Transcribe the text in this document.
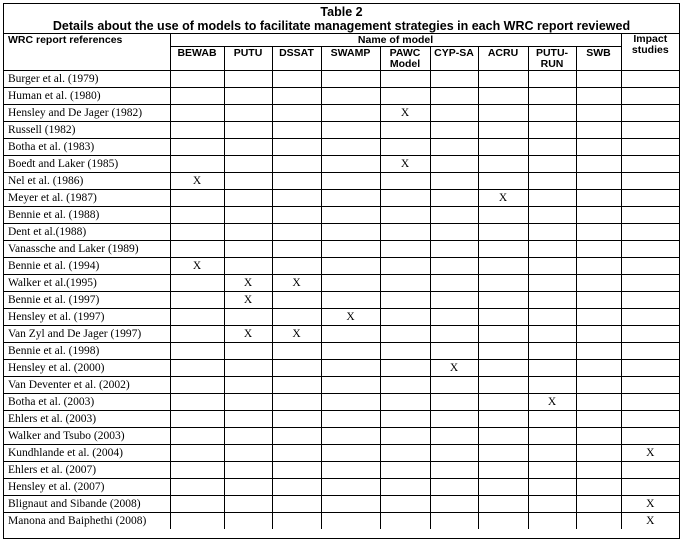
Table 2
Details about the use of models to facilitate management strategies in each WRC report reviewed
WRC report references	Name of model									Impact studies
	BEWAB	PUTU	DSSAT	SWAMP	PAWC Model	CYP-SA	ACRU	PUTU-RUN	SWB	
Burger et al. (1979)										
Human et al. (1980)										
Hensley and De Jager (1982)					X					
Russell (1982)										
Botha et al. (1983)										
Boedt and Laker (1985)					X					
Nel et al. (1986)	X									
Meyer et al. (1987)							X			
Bennie et al. (1988)										
Dent et al.(1988)										
Vanassche and Laker (1989)										
Bennie et al. (1994)	X									
Walker et al.(1995)		X	X							
Bennie et al. (1997)		X								
Hensley et al. (1997)				X						
Van Zyl and De Jager (1997)		X	X							
Bennie et al. (1998)										
Hensley et al. (2000)						X				
Van Deventer et al. (2002)										
Botha et al. (2003)								X		
Ehlers et al. (2003)										
Walker and Tsubo (2003)										
Kundhlande et al. (2004)										X
Ehlers et al. (2007)										
Hensley et al. (2007)										
Blignaut and Sibande (2008)										X
Manona and Baiphethi (2008)										X
